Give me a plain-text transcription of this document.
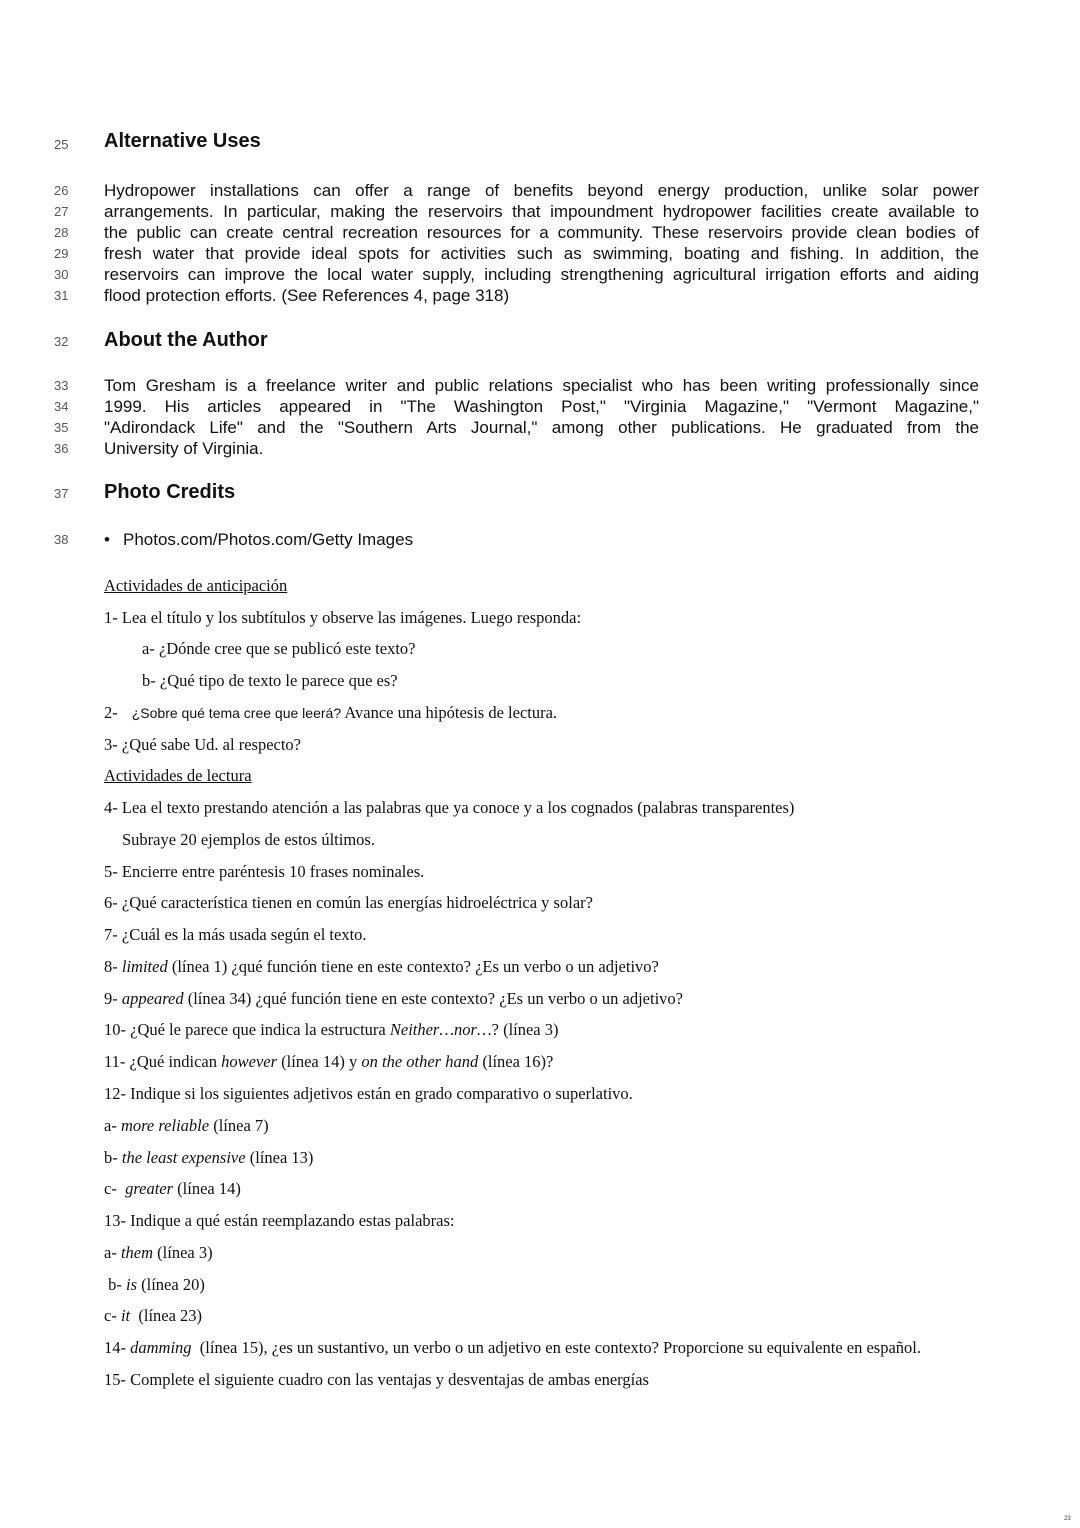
25
26
27
28
29
30
31
32
33
34
35
36
37
38
Alternative Uses
Hydropower installations can offer a range of benefits beyond energy production, unlike solar power
arrangements. In particular, making the reservoirs that impoundment hydropower facilities create available to
the public can create central recreation resources for a community. These reservoirs provide clean bodies of
fresh water that provide ideal spots for activities such as swimming, boating and fishing. In addition, the
reservoirs can improve the local water supply, including strengthening agricultural irrigation efforts and aiding
flood protection efforts. (See References 4, page 318)
About the Author
Tom Gresham is a freelance writer and public relations specialist who has been writing professionally since
1999. His articles appeared in "The Washington Post," "Virginia Magazine," "Vermont Magazine,"
"Adirondack Life" and the "Southern Arts Journal," among other publications. He graduated from the
University of Virginia.
Photo Credits
• Photos.com/Photos.com/Getty Images
Actividades de anticipación
1- Lea el título y los subtítulos y observe las imágenes. Luego responda:
a- ¿Dónde cree que se publicó este texto?
b- ¿Qué tipo de texto le parece que es?
2- ¿Sobre qué tema cree que leerá? Avance una hipótesis de lectura.
3- ¿Qué sabe Ud. al respecto?
Actividades de lectura
4- Lea el texto prestando atención a las palabras que ya conoce y a los cognados (palabras transparentes)
Subraye 20 ejemplos de estos últimos.
5- Encierre entre paréntesis 10 frases nominales.
6- ¿Qué característica tienen en común las energías hidroeléctrica y solar?
7- ¿Cuál es la más usada según el texto.
8- limited (línea 1) ¿qué función tiene en este contexto? ¿Es un verbo o un adjetivo?
9- appeared (línea 34) ¿qué función tiene en este contexto? ¿Es un verbo o un adjetivo?
10- ¿Qué le parece que indica la estructura Neither…nor…? (línea 3)
11- ¿Qué indican however (línea 14) y on the other hand (línea 16)?
12- Indique si los siguientes adjetivos están en grado comparativo o superlativo.
a- more reliable (línea 7)
b- the least expensive (línea 13)
c-  greater (línea 14)
13- Indique a qué están reemplazando estas palabras:
a- them (línea 3)
b- is (línea 20)
c- it  (línea 23)
14- damming  (línea 15), ¿es un sustantivo, un verbo o un adjetivo en este contexto? Proporcione su equivalente en español.
15- Complete el siguiente cuadro con las ventajas y desventajas de ambas energías
23
